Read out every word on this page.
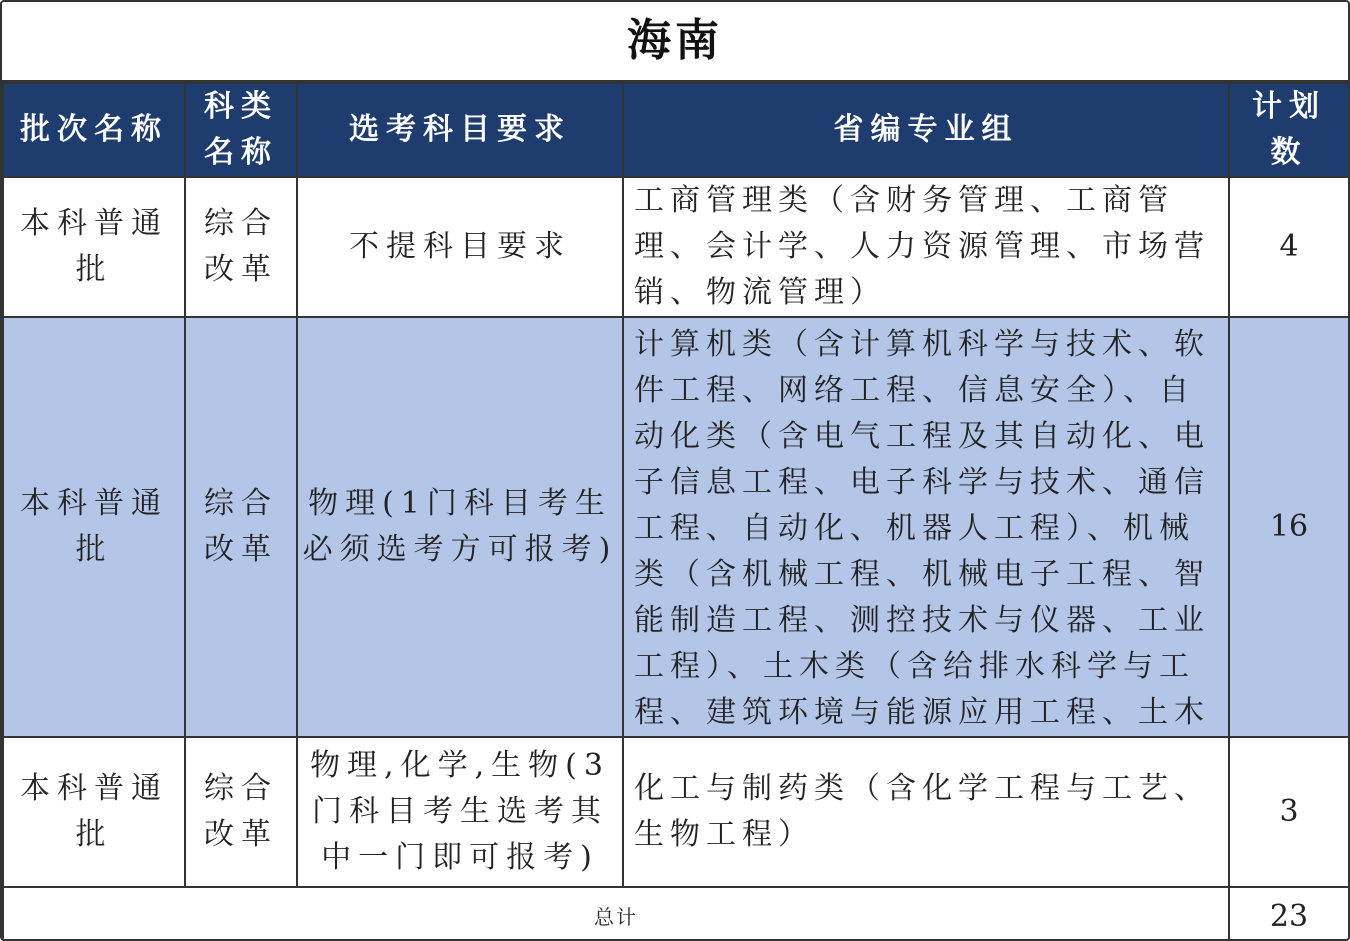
海南
批次名称	科类名称	选考科目要求	省编专业组	计划数
本科普通批	综合改革	不提科目要求	工商管理类（含财务管理、工商管理、会计学、人力资源管理、市场营销、物流管理）	4
本科普通批	综合改革	物理(1门科目考生必须选考方可报考)	计算机类（含计算机科学与技术、软件工程、网络工程、信息安全）、自动化类（含电气工程及其自动化、电子信息工程、电子科学与技术、通信工程、自动化、机器人工程）、机械类（含机械工程、机械电子工程、智能制造工程、测控技术与仪器、工业工程）、土木类（含给排水科学与工程、建筑环境与能源应用工程、土木	16
本科普通批	综合改革	物理,化学,生物(3门科目考生选考其中一门即可报考)	化工与制药类（含化学工程与工艺、生物工程）	3
总计				23
